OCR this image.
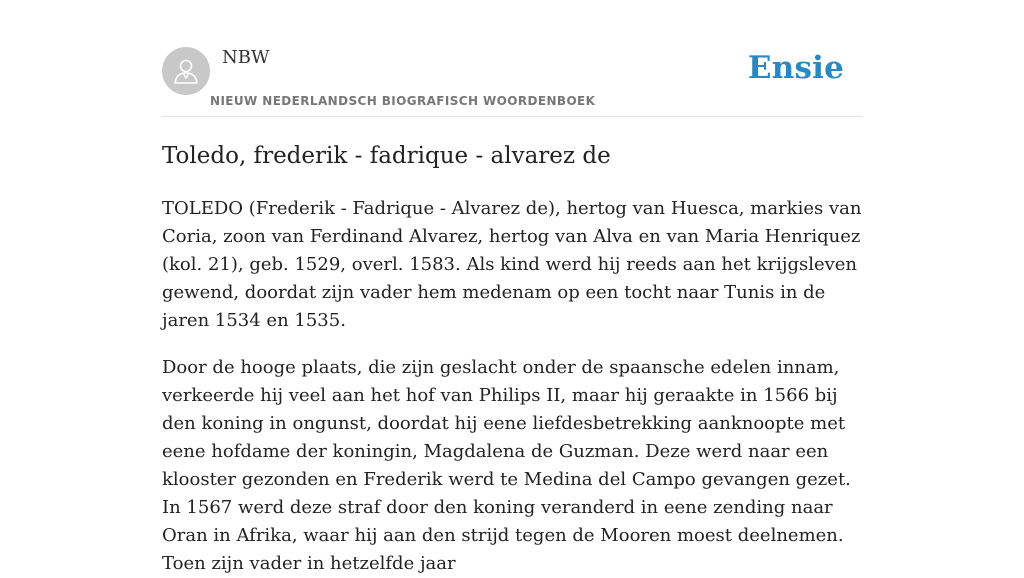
NBW
NIEUW NEDERLANDSCH BIOGRAFISCH WOORDENBOEK
Ensie
Toledo, frederik - fadrique - alvarez de

TOLEDO (Frederik - Fadrique - Alvarez de), hertog van Huesca, markies van Coria, zoon van Ferdinand Alvarez, hertog van Alva en van Maria Henriquez (kol. 21), geb. 1529, overl. 1583. Als kind werd hij reeds aan het krijgsleven gewend, doordat zijn vader hem medenam op een tocht naar Tunis in de jaren 1534 en 1535.

Door de hooge plaats, die zijn geslacht onder de spaansche edelen innam, verkeerde hij veel aan het hof van Philips II, maar hij geraakte in 1566 bij den koning in ongunst, doordat hij eene liefdesbetrekking aanknoopte met eene hofdame der koningin, Magdalena de Guzman. Deze werd naar een klooster gezonden en Frederik werd te Medina del Campo gevangen gezet. In 1567 werd deze straf door den koning veranderd in eene zending naar Oran in Afrika, waar hij aan den strijd tegen de Mooren moest deelnemen. Toen zijn vader in hetzelfde jaar
